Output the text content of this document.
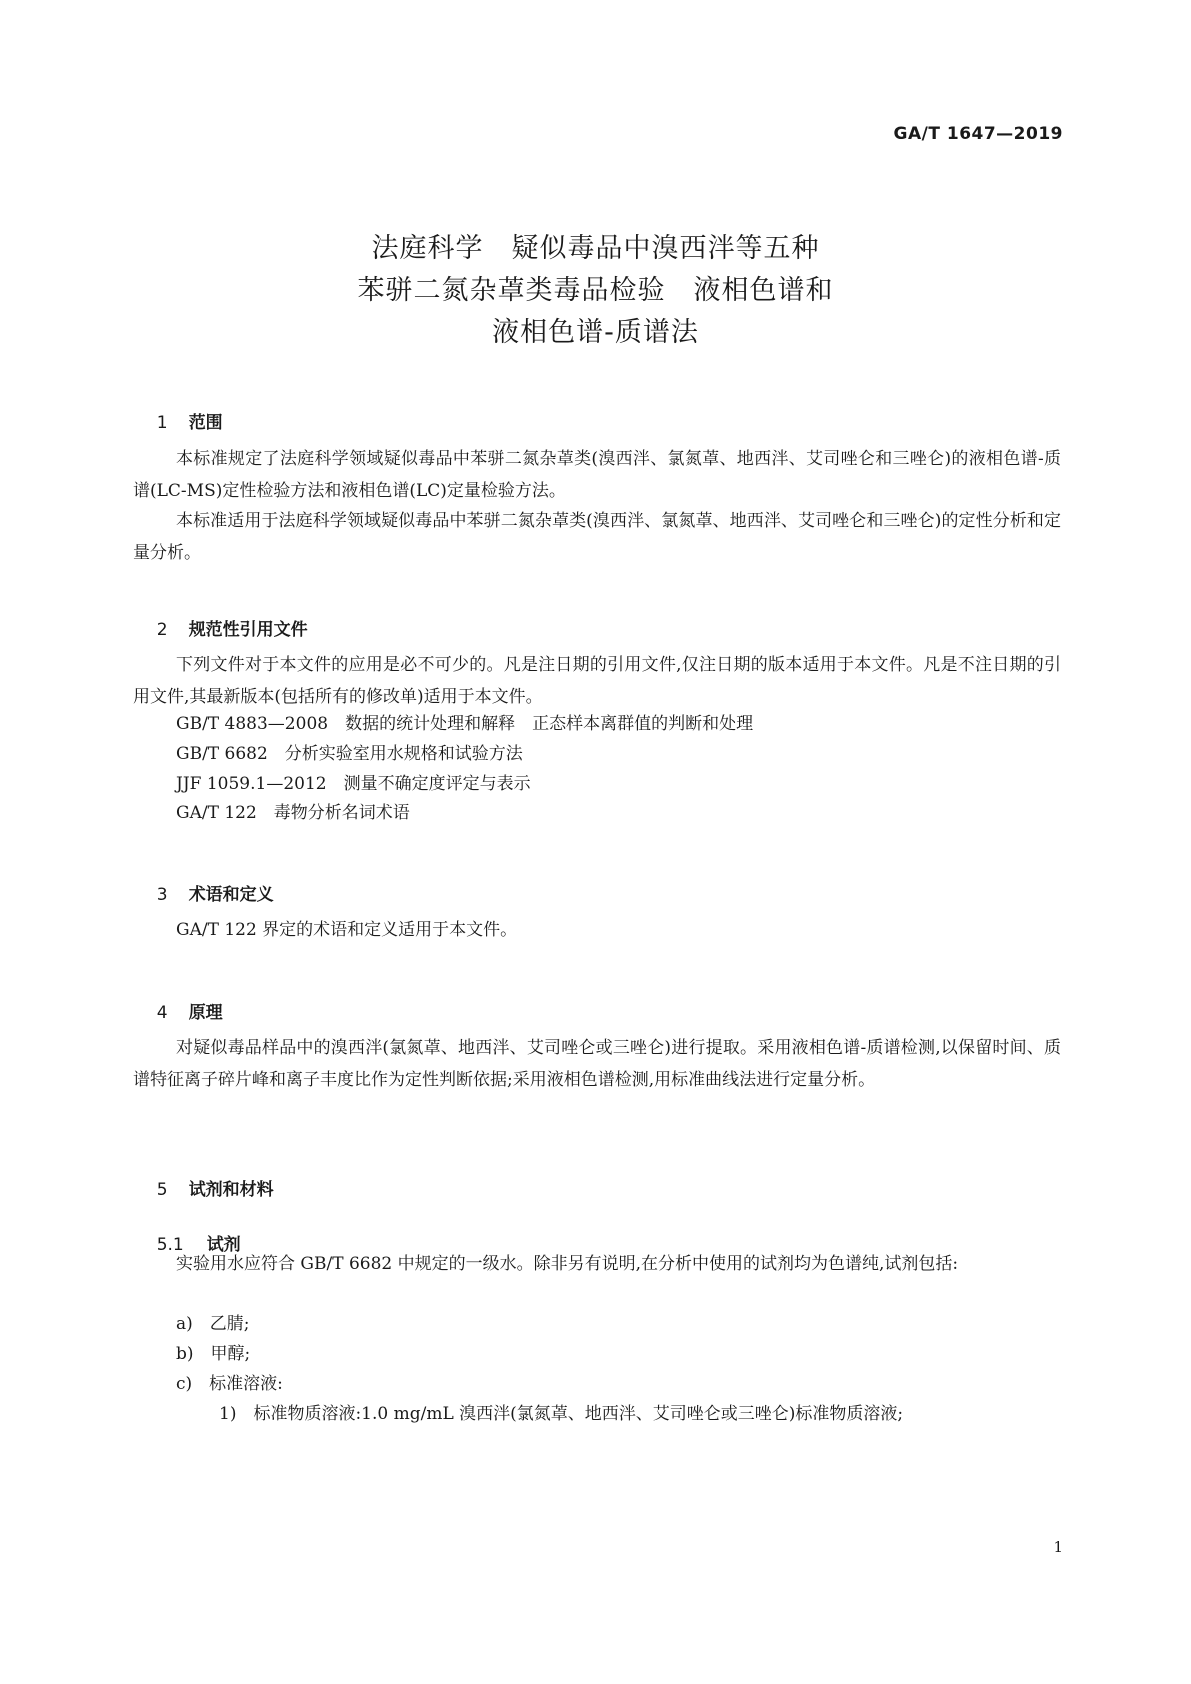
GA/T 1647—2019
法庭科学　疑似毒品中溴西泮等五种
苯骈二氮杂䓬类毒品检验　液相色谱和
液相色谱-质谱法

1 范围

本标准规定了法庭科学领域疑似毒品中苯骈二氮杂䓬类(溴西泮、氯氮䓬、地西泮、艾司唑仑和三唑仑)的液相色谱-质谱(LC-MS)定性检验方法和液相色谱(LC)定量检验方法。
本标准适用于法庭科学领域疑似毒品中苯骈二氮杂䓬类(溴西泮、氯氮䓬、地西泮、艾司唑仑和三唑仑)的定性分析和定量分析。

2 规范性引用文件

下列文件对于本文件的应用是必不可少的。凡是注日期的引用文件,仅注日期的版本适用于本文件。凡是不注日期的引用文件,其最新版本(包括所有的修改单)适用于本文件。
GB/T 4883—2008　数据的统计处理和解释　正态样本离群值的判断和处理
GB/T 6682　分析实验室用水规格和试验方法
JJF 1059.1—2012　测量不确定度评定与表示
GA/T 122　毒物分析名词术语

3 术语和定义

GA/T 122 界定的术语和定义适用于本文件。

4 原理

对疑似毒品样品中的溴西泮(氯氮䓬、地西泮、艾司唑仑或三唑仑)进行提取。采用液相色谱-质谱检测,以保留时间、质谱特征离子碎片峰和离子丰度比作为定性判断依据;采用液相色谱检测,用标准曲线法进行定量分析。

5 试剂和材料

5.1 试剂

实验用水应符合 GB/T 6682 中规定的一级水。除非另有说明,在分析中使用的试剂均为色谱纯,试剂包括:
a)　乙腈;
b)　甲醇;
c)　标准溶液:
1)　标准物质溶液:1.0 mg/mL 溴西泮(氯氮䓬、地西泮、艾司唑仑或三唑仑)标准物质溶液;
1
